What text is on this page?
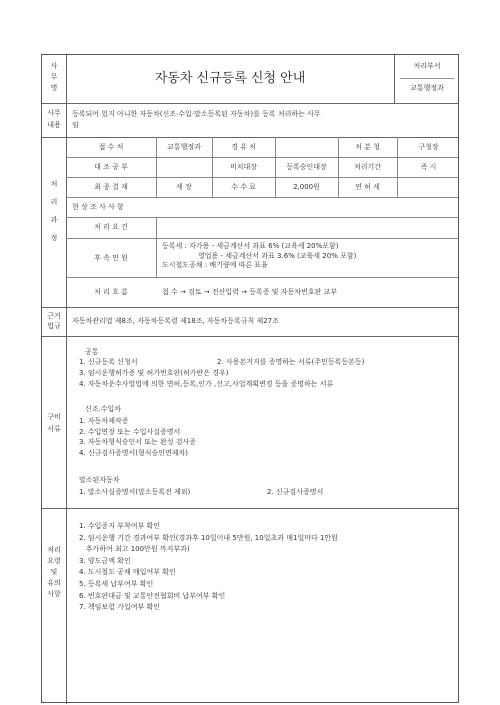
사
무
명
자동차 신규등록 신청 안내
처리부서
교통행정과
사무
내용
등록되어 있지 아니한 자동차(신조·수입·말소등록된 자동차)를 등록 처리하는 사무
임
처

리

과

정
접 수 처	교통행정과	경 유 처	처 분 청	구청장
대 조 공 부	비치대장	등록승인대장	처리기간	즉 시
최 종 결 재	세 장	수 수 료	2,000원	연 허 세
현 상 조 사 사 항
처 리 요 건
후 속 민 원
등록세 : 자가용 - 세금계산서 과표 6% (교육세 20%포함)
영업용 - 세금계산서 과표 3.6% (교육세 20% 포함)
도시철도공채 : 배기량에 따른 표율
처 리 흐 름	접 수 → 검토 → 전산입력 → 등록증 및 자동차번호판 교부
근거
법규
자동차관리법 제8조, 자동차등록령 제18조, 자동차등록규칙 제27조
구비
서류
공통
1. 신규등록 신청서	2. 사용본거지를 증명하는 서류(주민등록등본등)
3. 임시운행허가증 및 허가번호판(허가받은 경우)
4. 자동차운수사업법에 의한 면허,등록,인가 ,신고,사업계획변경 등을 증명하는 서류
신조.수입차
1. 자동차제작증
2. 수입면장 또는 수입사실증명서
3. 자동차형식승인서 또는 완성 검사증
4. 신규검사증명서(형식승인면제차)
말소된자동차
1. 말소사실증명서(말소등록전 제외)	2. 신규검사증명서
처리
요령
및
유의
사항
1. 수입증지 부착여부 확인
2. 임시운행 기간 경과여부 확인(경과후 10일이내 5만원, 10일초과 매1일마다 1만원
추가하여 최고 100만원 까지부과)
3. 양도금액 확인
4. 도시철도 공채 매입여부 확인
5. 등록세 납부여부 확인
6. 번호판대금 및 교통안전협회비 납부여부 확인
7. 책임보험 가입여부 확인
